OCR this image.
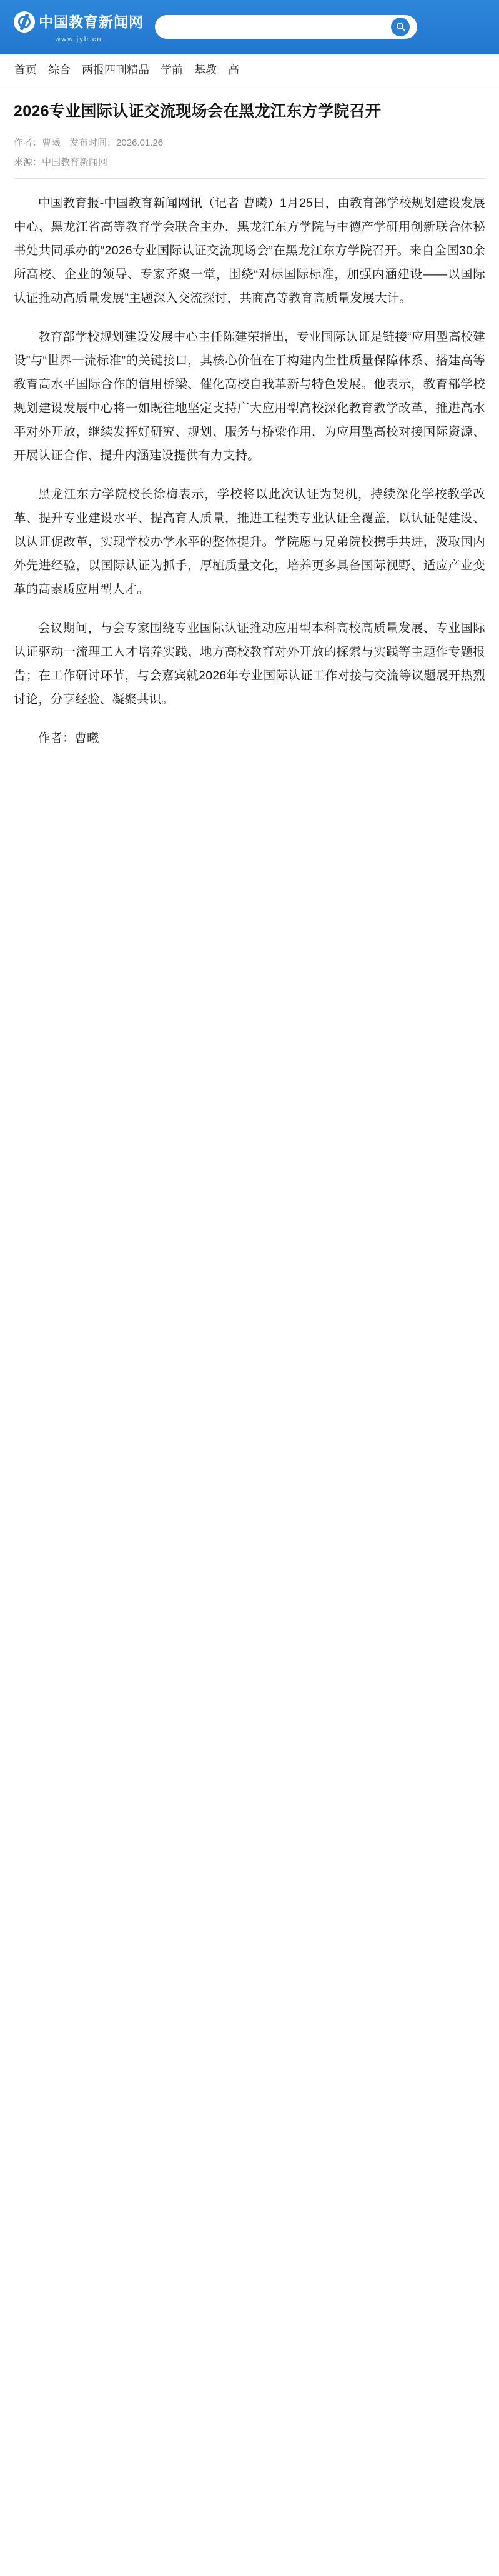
中国教育新闻网
www.jyb.cn
首页	综合	两报四刊精品	学前	基教	高
2026专业国际认证交流现场会在黑龙江东方学院召开
作者：曹曦 发布时间：2026.01.26
来源：中国教育新闻网

中国教育报-中国教育新闻网讯（记者 曹曦）1月25日，由教育部学校规划建设发展中心、黑龙江省高等教育学会联合主办，黑龙江东方学院与中德产学研用创新联合体秘书处共同承办的“2026专业国际认证交流现场会”在黑龙江东方学院召开。来自全国30余所高校、企业的领导、专家齐聚一堂，围绕“对标国际标准，加强内涵建设——以国际认证推动高质量发展”主题深入交流探讨，共商高等教育高质量发展大计。

教育部学校规划建设发展中心主任陈建荣指出，专业国际认证是链接“应用型高校建设”与“世界一流标准”的关键接口，其核心价值在于构建内生性质量保障体系、搭建高等教育高水平国际合作的信用桥梁、催化高校自我革新与特色发展。他表示，教育部学校规划建设发展中心将一如既往地坚定支持广大应用型高校深化教育教学改革，推进高水平对外开放，继续发挥好研究、规划、服务与桥梁作用，为应用型高校对接国际资源、开展认证合作、提升内涵建设提供有力支持。

黑龙江东方学院校长徐梅表示，学校将以此次认证为契机，持续深化学校教学改革、提升专业建设水平、提高育人质量，推进工程类专业认证全覆盖，以认证促建设、以认证促改革，实现学校办学水平的整体提升。学院愿与兄弟院校携手共进，汲取国内外先进经验，以国际认证为抓手，厚植质量文化，培养更多具备国际视野、适应产业变革的高素质应用型人才。

会议期间，与会专家围绕专业国际认证推动应用型本科高校高质量发展、专业国际认证驱动一流理工人才培养实践、地方高校教育对外开放的探索与实践等主题作专题报告；在工作研讨环节，与会嘉宾就2026年专业国际认证工作对接与交流等议题展开热烈讨论，分享经验、凝聚共识。

作者：曹曦
